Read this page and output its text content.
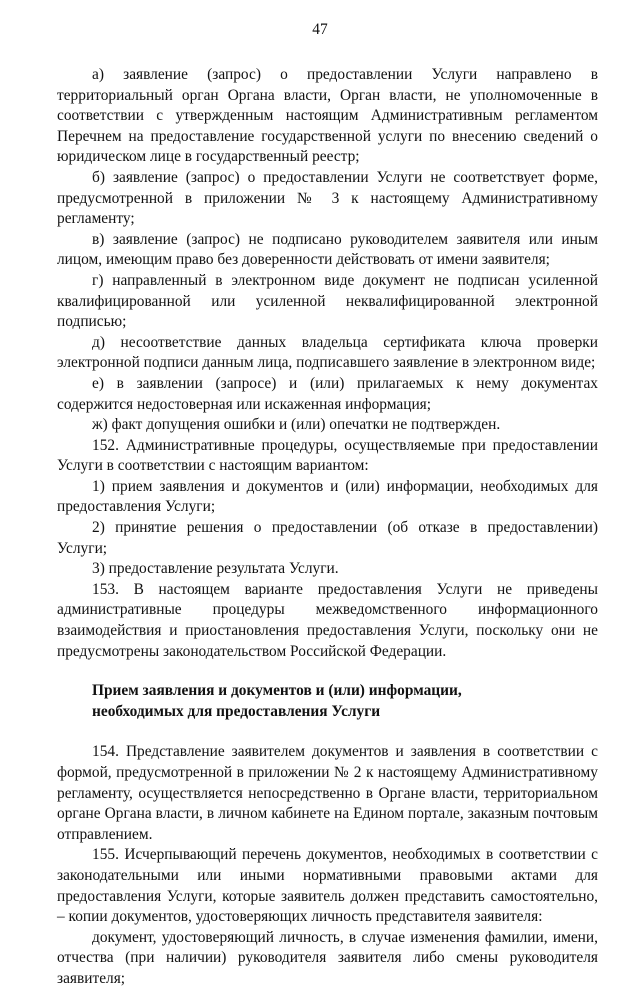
47

а) заявление (запрос) о предоставлении Услуги направлено в территориальный орган Органа власти, Орган власти, не уполномоченные в соответствии с утвержденным настоящим Административным регламентом Перечнем на предоставление государственной услуги по внесению сведений о юридическом лице в государственный реестр;

б) заявление (запрос) о предоставлении Услуги не соответствует форме, предусмотренной в приложении № 3 к настоящему Административному регламенту;

в) заявление (запрос) не подписано руководителем заявителя или иным лицом, имеющим право без доверенности действовать от имени заявителя;

г) направленный в электронном виде документ не подписан усиленной квалифицированной или усиленной неквалифицированной электронной подписью;

д) несоответствие данных владельца сертификата ключа проверки электронной подписи данным лица, подписавшего заявление в электронном виде;

е) в заявлении (запросе) и (или) прилагаемых к нему документах содержится недостоверная или искаженная информация;

ж) факт допущения ошибки и (или) опечатки не подтвержден.

152. Административные процедуры, осуществляемые при предоставлении Услуги в соответствии с настоящим вариантом:

1) прием заявления и документов и (или) информации, необходимых для предоставления Услуги;

2) принятие решения о предоставлении (об отказе в предоставлении) Услуги;

3) предоставление результата Услуги.

153. В настоящем варианте предоставления Услуги не приведены административные процедуры межведомственного информационного взаимодействия и приостановления предоставления Услуги, поскольку они не предусмотрены законодательством Российской Федерации.

Прием заявления и документов и (или) информации,
необходимых для предоставления Услуги

154. Представление заявителем документов и заявления в соответствии с формой, предусмотренной в приложении № 2 к настоящему Административному регламенту, осуществляется непосредственно в Органе власти, территориальном органе Органа власти, в личном кабинете на Едином портале, заказным почтовым отправлением.

155. Исчерпывающий перечень документов, необходимых в соответствии с законодательными или иными нормативными правовыми актами для предоставления Услуги, которые заявитель должен представить самостоятельно, – копии документов, удостоверяющих личность представителя заявителя:

документ, удостоверяющий личность, в случае изменения фамилии, имени, отчества (при наличии) руководителя заявителя либо смены руководителя заявителя;
